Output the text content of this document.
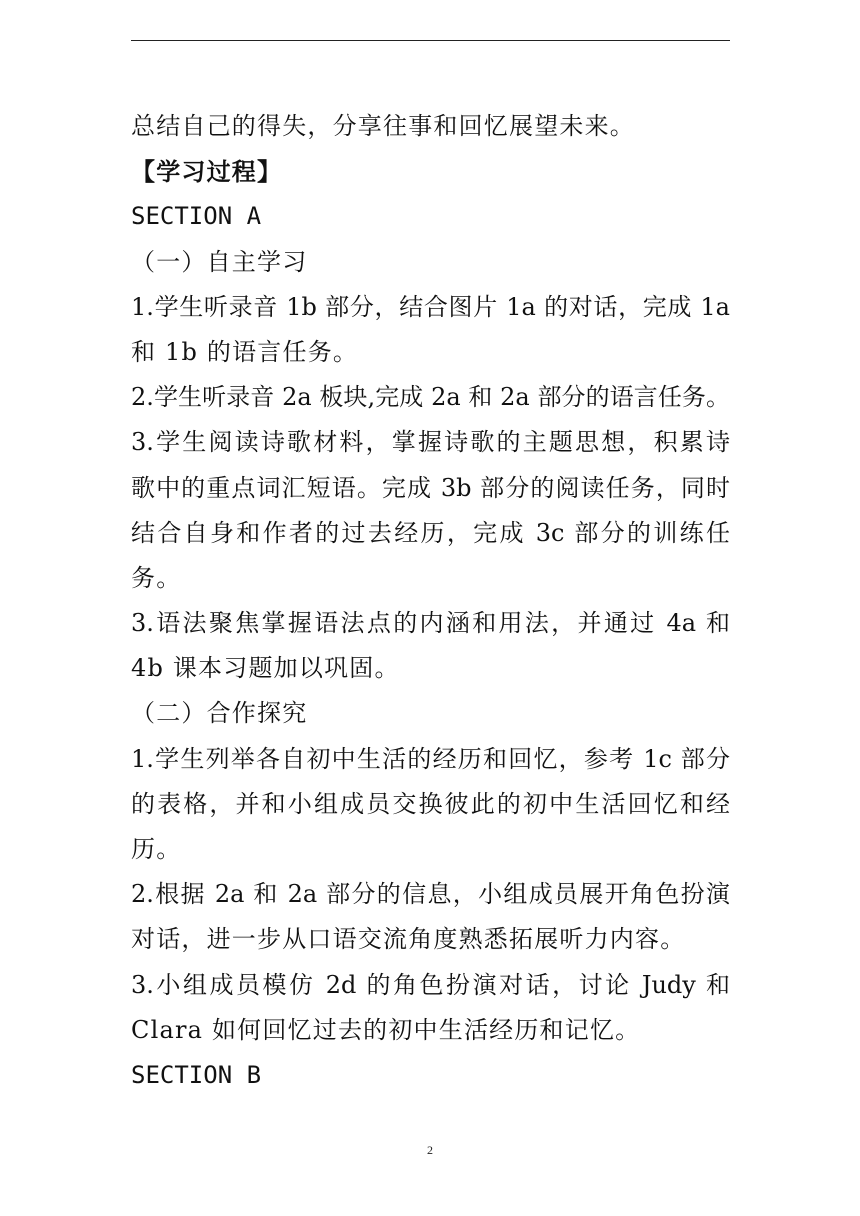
总结自己的得失，分享往事和回忆展望未来。
【学习过程】
SECTION A
（一）自主学习
1.学生听录音 1b 部分，结合图片 1a 的对话，完成 1a
和 1b 的语言任务。
2.学生听录音 2a 板块,完成 2a 和 2a 部分的语言任务。
3.学生阅读诗歌材料，掌握诗歌的主题思想，积累诗
歌中的重点词汇短语。完成 3b 部分的阅读任务，同时
结合自身和作者的过去经历，完成 3c 部分的训练任
务。
3.语法聚焦掌握语法点的内涵和用法，并通过 4a 和
4b 课本习题加以巩固。
（二）合作探究
1.学生列举各自初中生活的经历和回忆，参考 1c 部分
的表格，并和小组成员交换彼此的初中生活回忆和经
历。
2.根据 2a 和 2a 部分的信息，小组成员展开角色扮演
对话，进一步从口语交流角度熟悉拓展听力内容。
3.小组成员模仿 2d 的角色扮演对话，讨论 Judy 和
Clara 如何回忆过去的初中生活经历和记忆。
SECTION B
2
